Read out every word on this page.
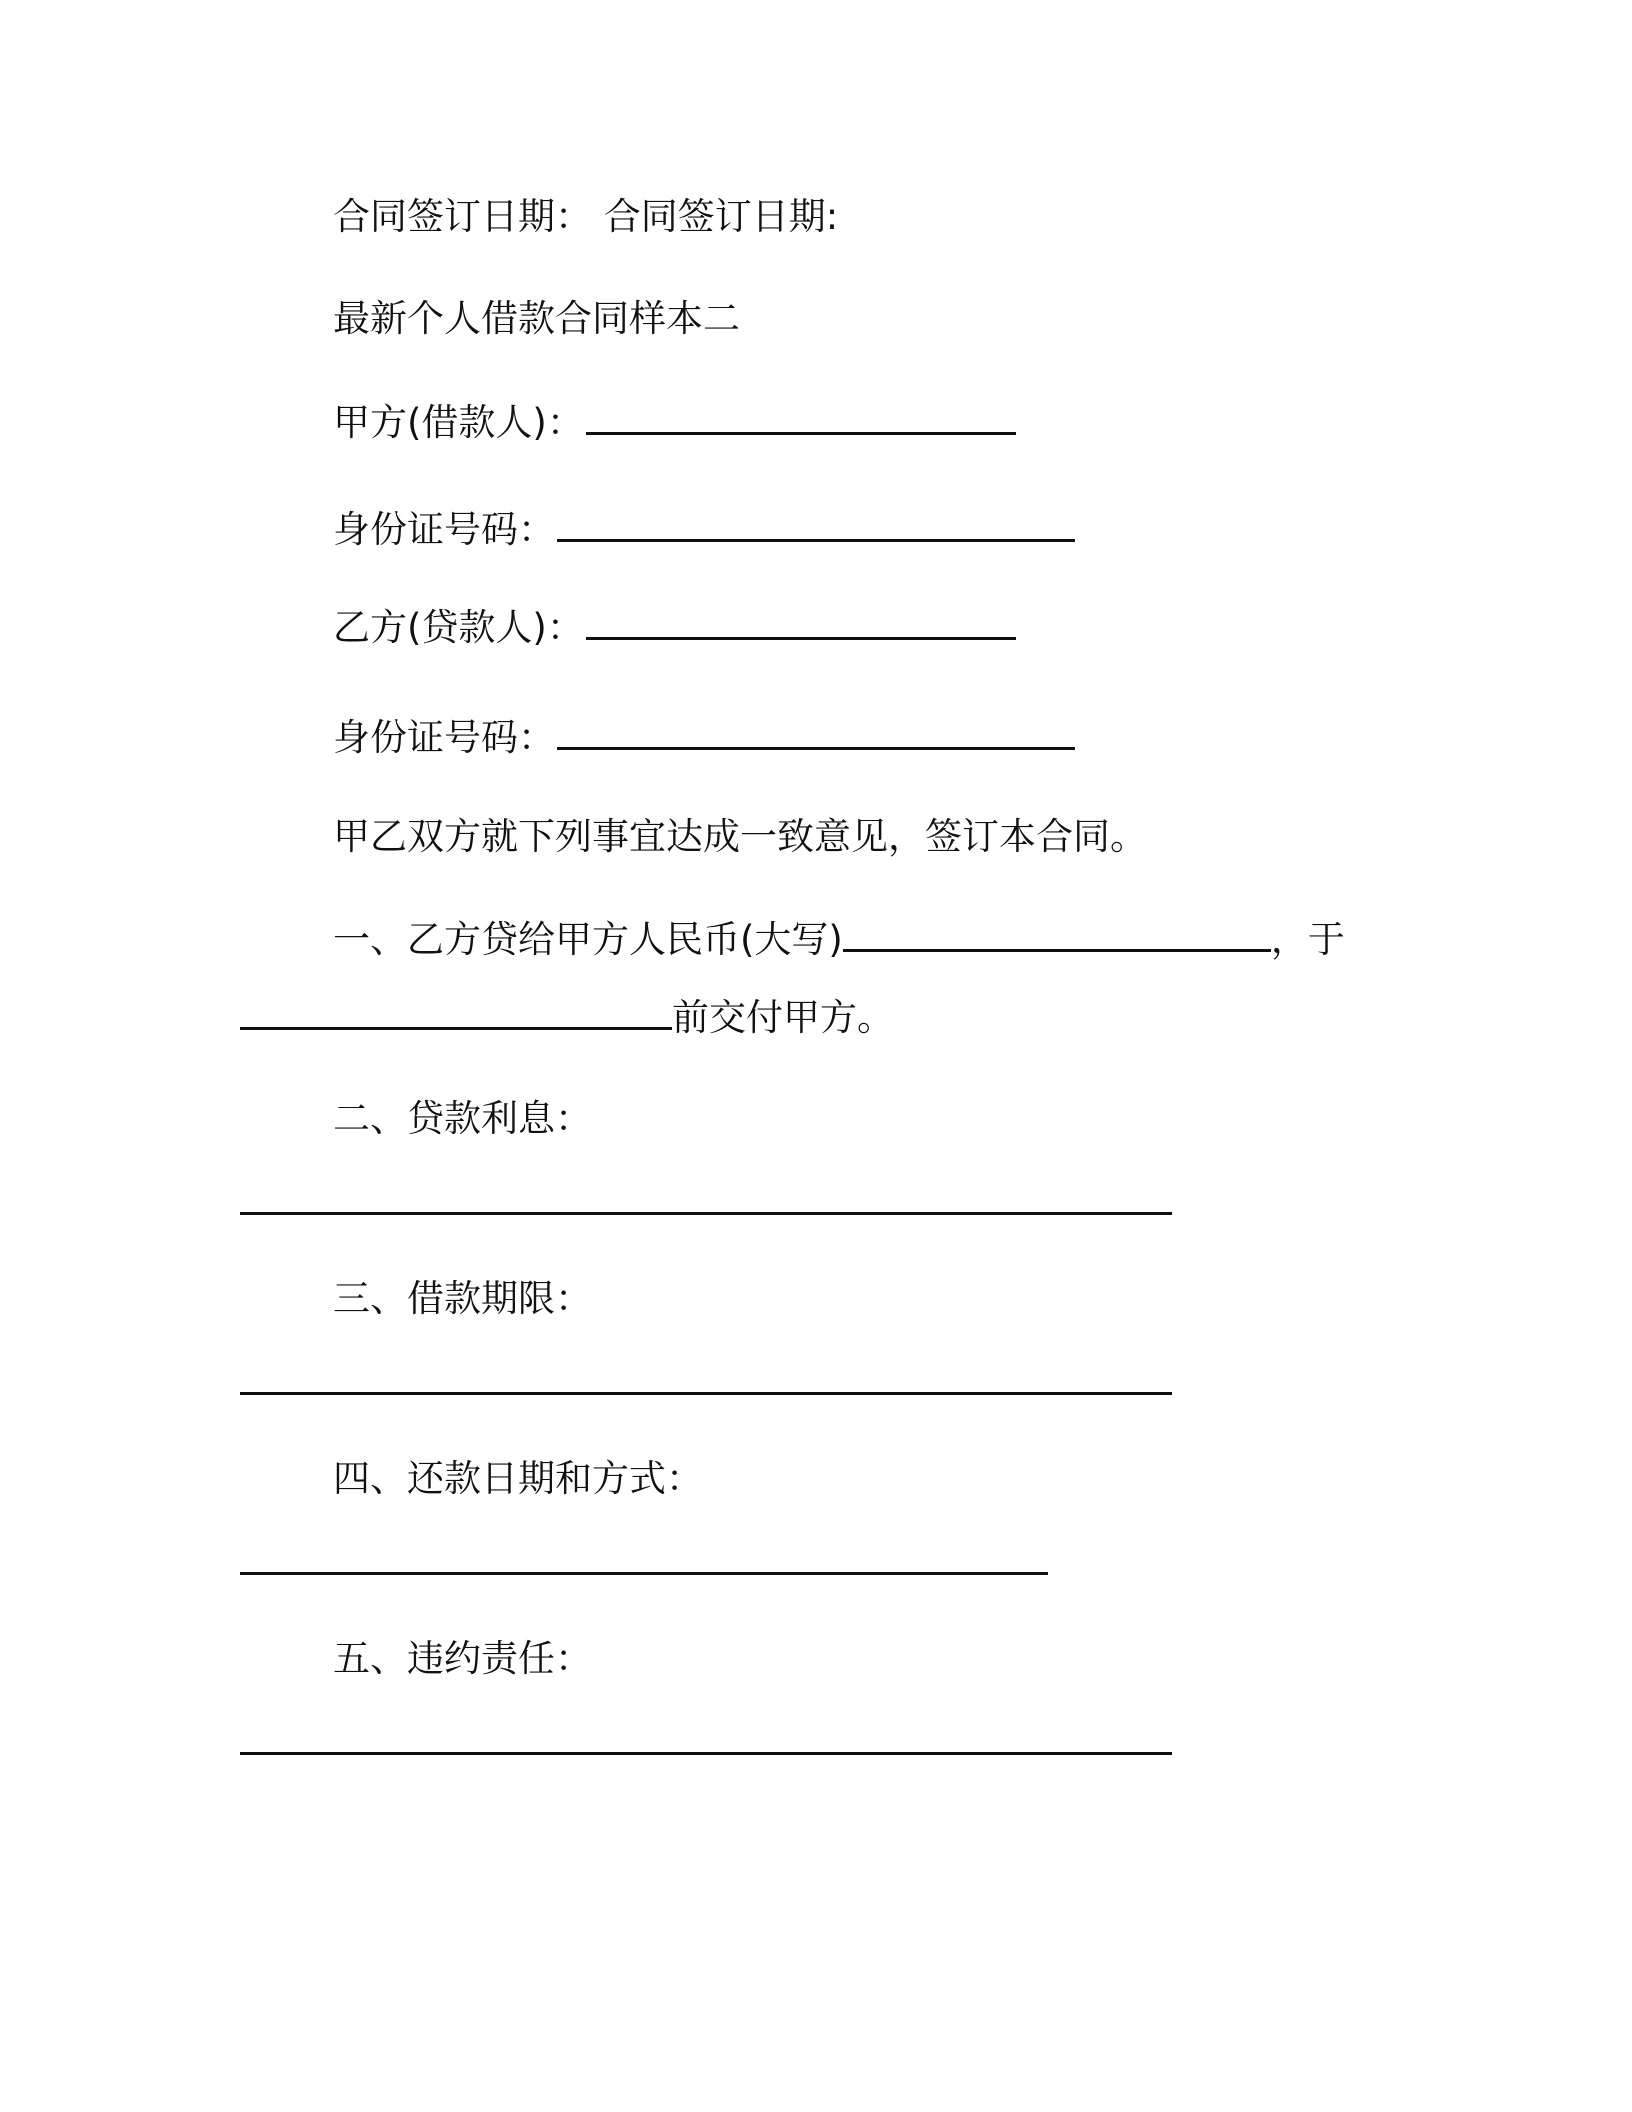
合同签订日期： 合同签订日期:
最新个人借款合同样本二
甲方(借款人)：
身份证号码：
乙方(贷款人)：
身份证号码：
甲乙双方就下列事宜达成一致意见，签订本合同。
一、乙方贷给甲方人民币(大写)	，于
前交付甲方。
二、贷款利息：
三、借款期限：
四、还款日期和方式：
五、违约责任：
